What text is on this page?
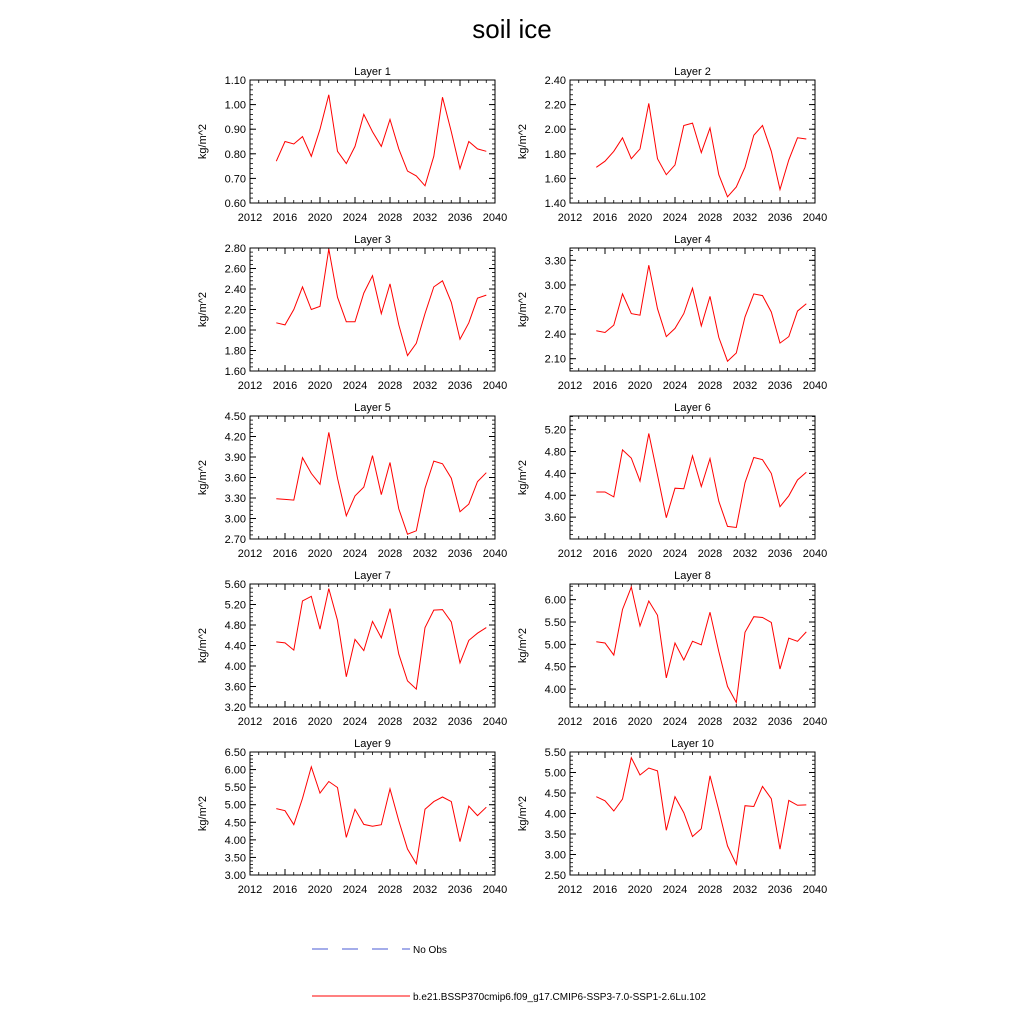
soil ice
Layer 1
kg/m^2
0.60
0.70
0.80
0.90
1.00
1.10
2012 2016 2020 2024 2028 2032 2036 2040
Layer 2
kg/m^2
1.40
1.60
1.80
2.00
2.20
2.40
2012 2016 2020 2024 2028 2032 2036 2040
Layer 3
kg/m^2
1.60
1.80
2.00
2.20
2.40
2.60
2.80
2012 2016 2020 2024 2028 2032 2036 2040
Layer 4
kg/m^2
2.10
2.40
2.70
3.00
3.30
2012 2016 2020 2024 2028 2032 2036 2040
Layer 5
kg/m^2
2.70
3.00
3.30
3.60
3.90
4.20
4.50
2012 2016 2020 2024 2028 2032 2036 2040
Layer 6
kg/m^2
3.60
4.00
4.40
4.80
5.20
2012 2016 2020 2024 2028 2032 2036 2040
Layer 7
kg/m^2
3.20
3.60
4.00
4.40
4.80
5.20
5.60
2012 2016 2020 2024 2028 2032 2036 2040
Layer 8
kg/m^2
4.00
4.50
5.00
5.50
6.00
2012 2016 2020 2024 2028 2032 2036 2040
Layer 9
kg/m^2
3.00
3.50
4.00
4.50
5.00
5.50
6.00
6.50
2012 2016 2020 2024 2028 2032 2036 2040
Layer 10
kg/m^2
2.50
3.00
3.50
4.00
4.50
5.00
5.50
2012 2016 2020 2024 2028 2032 2036 2040
No Obs
b.e21.BSSP370cmip6.f09_g17.CMIP6-SSP3-7.0-SSP1-2.6Lu.102
